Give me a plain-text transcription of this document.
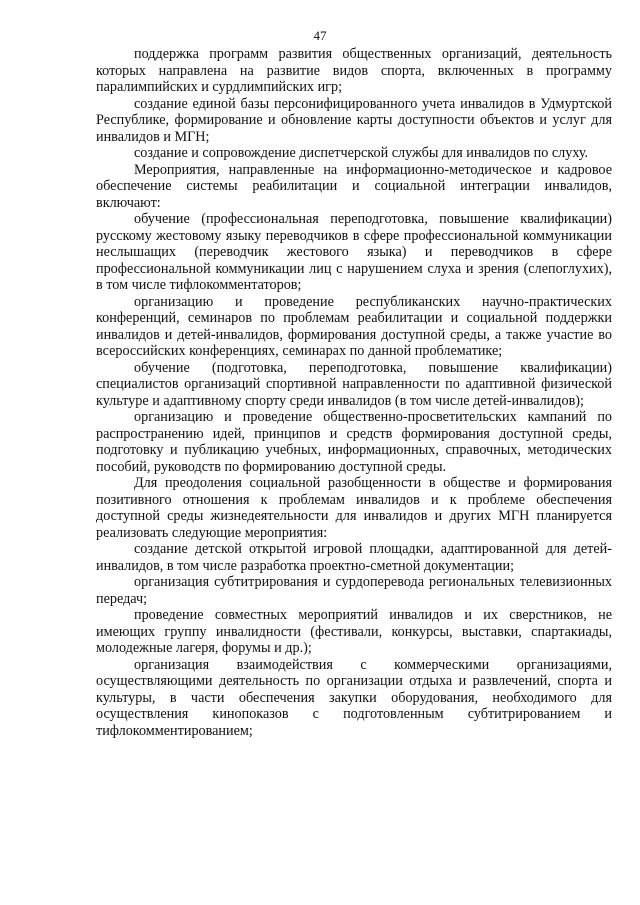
47

поддержка программ развития общественных организаций, деятельность которых направлена на развитие видов спорта, включенных в программу паралимпийских и сурдлимпийских игр;

создание единой базы персонифицированного учета инвалидов в Удмуртской Республике, формирование и обновление карты доступности объектов и услуг для инвалидов и МГН;

создание и сопровождение диспетчерской службы для инвалидов по слуху.

Мероприятия, направленные на информационно-методическое и кадровое обеспечение системы реабилитации и социальной интеграции инвалидов, включают:

обучение (профессиональная переподготовка, повышение квалификации) русскому жестовому языку переводчиков в сфере профессиональной коммуникации неслышащих (переводчик жестового языка) и переводчиков в сфере профессиональной коммуникации лиц с нарушением слуха и зрения (слепоглухих), в том числе тифлокомментаторов;

организацию и проведение республиканских научно-практических конференций, семинаров по проблемам реабилитации и социальной поддержки инвалидов и детей-инвалидов, формирования доступной среды, а также участие во всероссийских конференциях, семинарах по данной проблематике;

обучение (подготовка, переподготовка, повышение квалификации) специалистов организаций спортивной направленности по адаптивной физической культуре и адаптивному спорту среди инвалидов (в том числе детей-инвалидов);

организацию и проведение общественно-просветительских кампаний по распространению идей, принципов и средств формирования доступной среды, подготовку и публикацию учебных, информационных, справочных, методических пособий, руководств по формированию доступной среды.

Для преодоления социальной разобщенности в обществе и формирования позитивного отношения к проблемам инвалидов и к проблеме обеспечения доступной среды жизнедеятельности для инвалидов и других МГН планируется реализовать следующие мероприятия:

создание детской открытой игровой площадки, адаптированной для детей-инвалидов, в том числе разработка проектно-сметной документации;

организация субтитрирования и сурдоперевода региональных телевизионных передач;

проведение совместных мероприятий инвалидов и их сверстников, не имеющих группу инвалидности (фестивали, конкурсы, выставки, спартакиады, молодежные лагеря, форумы и др.);

организация взаимодействия с коммерческими организациями, осуществляющими деятельность по организации отдыха и развлечений, спорта и культуры, в части обеспечения закупки оборудования, необходимого для осуществления кинопоказов с подготовленным субтитрированием и тифлокомментированием;
